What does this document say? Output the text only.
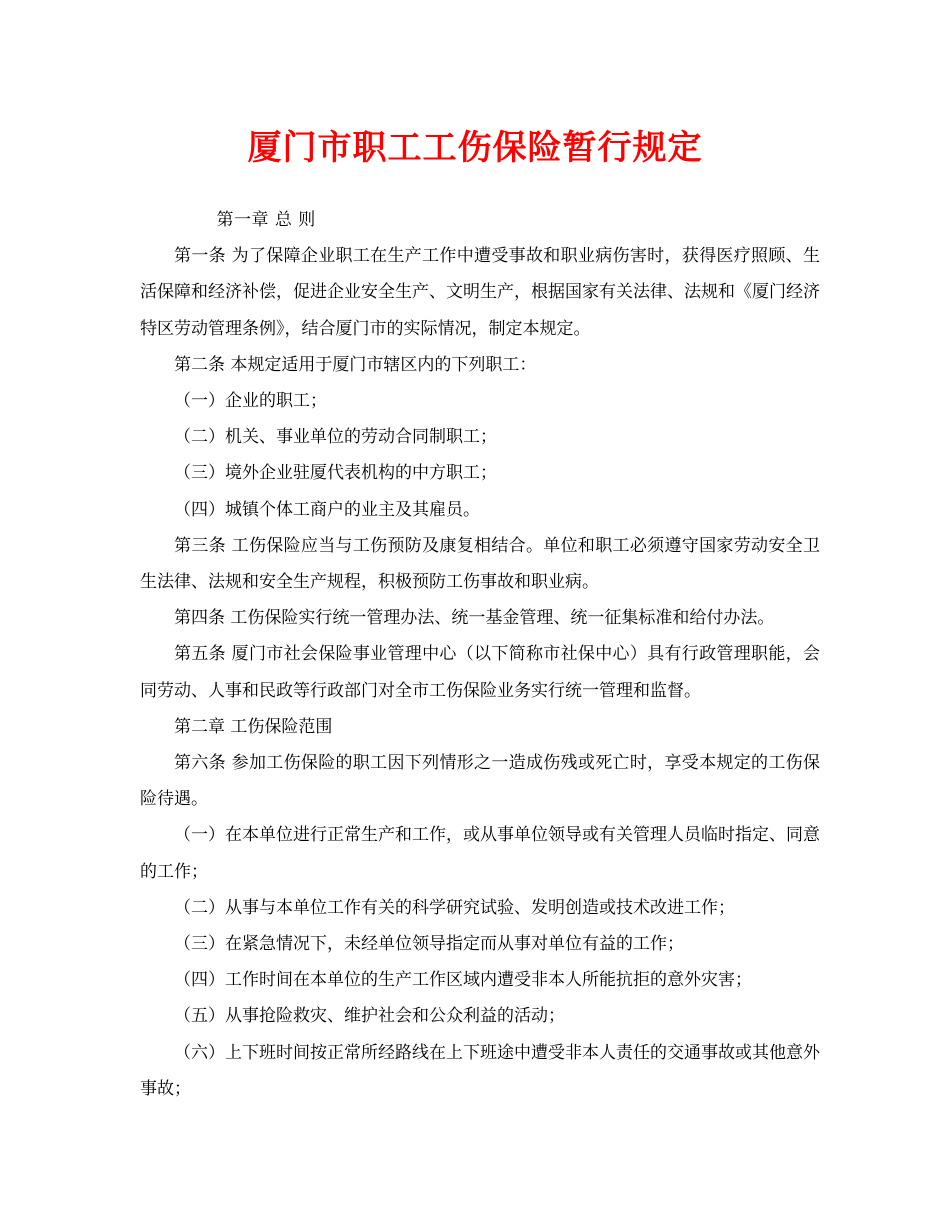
厦门市职工工伤保险暂行规定

第一章 总 则

第一条 为了保障企业职工在生产工作中遭受事故和职业病伤害时，获得医疗照顾、生活保障和经济补偿，促进企业安全生产、文明生产，根据国家有关法律、法规和《厦门经济特区劳动管理条例》，结合厦门市的实际情况，制定本规定。

第二条 本规定适用于厦门市辖区内的下列职工：

（一）企业的职工；

（二）机关、事业单位的劳动合同制职工；

（三）境外企业驻厦代表机构的中方职工；

（四）城镇个体工商户的业主及其雇员。

第三条 工伤保险应当与工伤预防及康复相结合。单位和职工必须遵守国家劳动安全卫生法律、法规和安全生产规程，积极预防工伤事故和职业病。

第四条 工伤保险实行统一管理办法、统一基金管理、统一征集标准和给付办法。

第五条 厦门市社会保险事业管理中心（以下简称市社保中心）具有行政管理职能，会同劳动、人事和民政等行政部门对全市工伤保险业务实行统一管理和监督。

第二章 工伤保险范围

第六条 参加工伤保险的职工因下列情形之一造成伤残或死亡时，享受本规定的工伤保险待遇。

（一）在本单位进行正常生产和工作，或从事单位领导或有关管理人员临时指定、同意的工作；

（二）从事与本单位工作有关的科学研究试验、发明创造或技术改进工作；

（三）在紧急情况下，未经单位领导指定而从事对单位有益的工作；

（四）工作时间在本单位的生产工作区域内遭受非本人所能抗拒的意外灾害；

（五）从事抢险救灾、维护社会和公众利益的活动；

（六）上下班时间按正常所经路线在上下班途中遭受非本人责任的交通事故或其他意外事故；
